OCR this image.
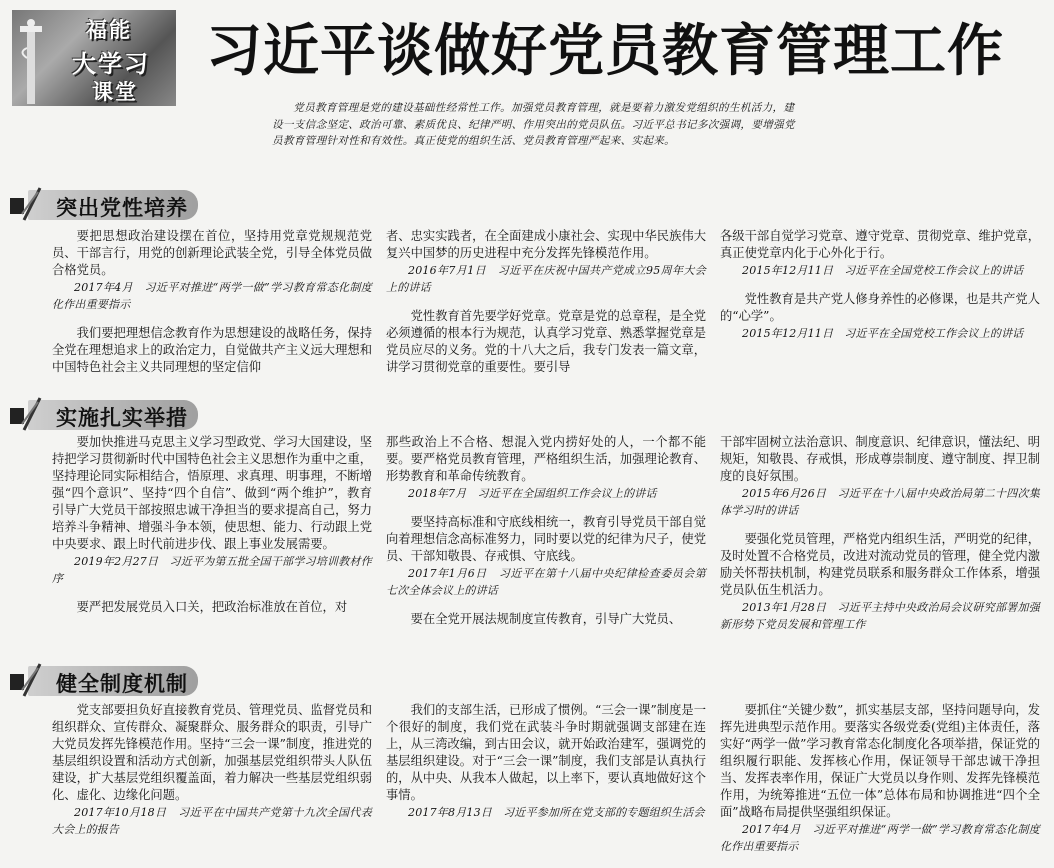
福能
大学习
课堂
习近平谈做好党员教育管理工作
党员教育管理是党的建设基础性经常性工作。加强党员教育管理，就是要着力激发党组织的生机活力，建设一支信念坚定、政治可靠、素质优良、纪律严明、作用突出的党员队伍。习近平总书记多次强调，要增强党员教育管理针对性和有效性。真正使党的组织生活、党员教育管理严起来、实起来。
突出党性培养

要把思想政治建设摆在首位，坚持用党章党规规范党员、干部言行，用党的创新理论武装全党，引导全体党员做合格党员。

2017年4月 习近平对推进“两学一做”学习教育常态化制度化作出重要指示

我们要把理想信念教育作为思想建设的战略任务，保持全党在理想追求上的政治定力，自觉做共产主义远大理想和中国特色社会主义共同理想的坚定信仰

者、忠实实践者，在全面建成小康社会、实现中华民族伟大复兴中国梦的历史进程中充分发挥先锋模范作用。

2016年7月1日 习近平在庆祝中国共产党成立95周年大会上的讲话

党性教育首先要学好党章。党章是党的总章程，是全党必须遵循的根本行为规范，认真学习党章、熟悉掌握党章是党员应尽的义务。党的十八大之后，我专门发表一篇文章，讲学习贯彻党章的重要性。要引导

各级干部自觉学习党章、遵守党章、贯彻党章、维护党章，真正使党章内化于心外化于行。

2015年12月11日 习近平在全国党校工作会议上的讲话

党性教育是共产党人修身养性的必修课，也是共产党人的“心学”。

2015年12月11日 习近平在全国党校工作会议上的讲话

实施扎实举措

要加快推进马克思主义学习型政党、学习大国建设，坚持把学习贯彻新时代中国特色社会主义思想作为重中之重，坚持理论同实际相结合，悟原理、求真理、明事理，不断增强“四个意识”、坚持“四个自信”、做到“两个维护”，教育引导广大党员干部按照忠诚干净担当的要求提高自己，努力培养斗争精神、增强斗争本领，使思想、能力、行动跟上党中央要求、跟上时代前进步伐、跟上事业发展需要。

2019年2月27日 习近平为第五批全国干部学习培训教材作序

要严把发展党员入口关，把政治标准放在首位，对

那些政治上不合格、想混入党内捞好处的人，一个都不能要。要严格党员教育管理，严格组织生活，加强理论教育、形势教育和革命传统教育。

2018年7月 习近平在全国组织工作会议上的讲话

要坚持高标准和守底线相统一，教育引导党员干部自觉向着理想信念高标准努力，同时要以党的纪律为尺子，使党员、干部知敬畏、存戒惧、守底线。

2017年1月6日 习近平在第十八届中央纪律检查委员会第七次全体会议上的讲话

要在全党开展法规制度宣传教育，引导广大党员、

干部牢固树立法治意识、制度意识、纪律意识，懂法纪、明规矩，知敬畏、存戒惧，形成尊崇制度、遵守制度、捍卫制度的良好氛围。

2015年6月26日 习近平在十八届中央政治局第二十四次集体学习时的讲话

要强化党员管理，严格党内组织生活，严明党的纪律，及时处置不合格党员，改进对流动党员的管理，健全党内激励关怀帮扶机制，构建党员联系和服务群众工作体系，增强党员队伍生机活力。

2013年1月28日 习近平主持中央政治局会议研究部署加强新形势下党员发展和管理工作

健全制度机制

党支部要担负好直接教育党员、管理党员、监督党员和组织群众、宣传群众、凝聚群众、服务群众的职责，引导广大党员发挥先锋模范作用。坚持“三会一课”制度，推进党的基层组织设置和活动方式创新，加强基层党组织带头人队伍建设，扩大基层党组织覆盖面，着力解决一些基层党组织弱化、虚化、边缘化问题。

2017年10月18日 习近平在中国共产党第十九次全国代表大会上的报告

我们的支部生活，已形成了惯例。“三会一课”制度是一个很好的制度，我们党在武装斗争时期就强调支部建在连上，从三湾改编，到古田会议，就开始政治建军，强调党的基层组织建设。对于“三会一课”制度，我们支部是认真执行的，从中央、从我本人做起，以上率下，要认真地做好这个事情。

2017年8月13日 习近平参加所在党支部的专题组织生活会

要抓住“关键少数”，抓实基层支部，坚持问题导向，发挥先进典型示范作用。要落实各级党委(党组)主体责任，落实好“两学一做”学习教育常态化制度化各项举措，保证党的组织履行职能、发挥核心作用，保证领导干部忠诚干净担当、发挥表率作用，保证广大党员以身作则、发挥先锋模范作用，为统筹推进“五位一体”总体布局和协调推进“四个全面”战略布局提供坚强组织保证。

2017年4月 习近平对推进“两学一做”学习教育常态化制度化作出重要指示
